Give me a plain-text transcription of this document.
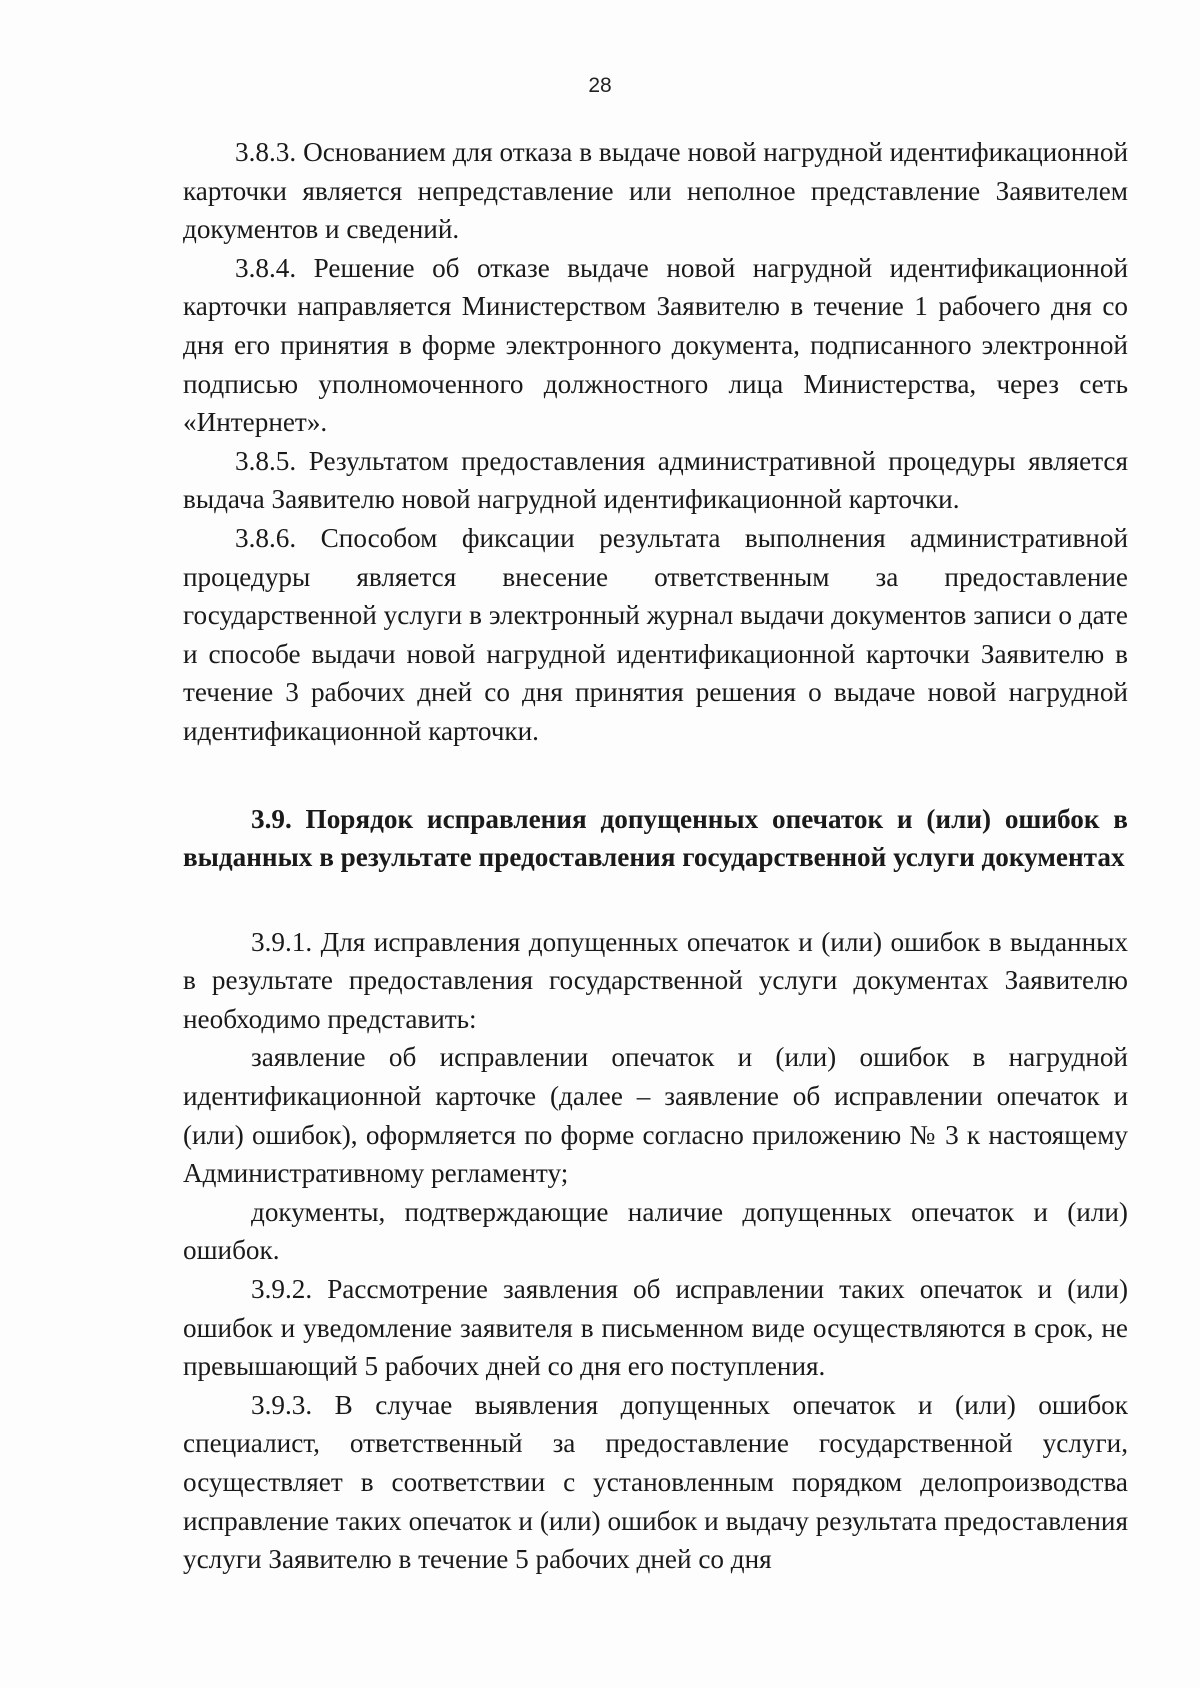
28

3.8.3. Основанием для отказа в выдаче новой нагрудной идентификационной карточки является непредставление или неполное представление Заявителем документов и сведений.

3.8.4. Решение об отказе выдаче новой нагрудной идентификационной карточки направляется Министерством Заявителю в течение 1 рабочего дня со дня его принятия в форме электронного документа, подписанного электронной подписью уполномоченного должностного лица Министерства, через сеть «Интернет».

3.8.5. Результатом предоставления административной процедуры является выдача Заявителю новой нагрудной идентификационной карточки.

3.8.6. Способом фиксации результата выполнения административной процедуры является внесение ответственным за предоставление государственной услуги в электронный журнал выдачи документов записи о дате и способе выдачи новой нагрудной идентификационной карточки Заявителю в течение 3 рабочих дней со дня принятия решения о выдаче новой нагрудной идентификационной карточки.

3.9. Порядок исправления допущенных опечаток и (или) ошибок в выданных в результате предоставления государственной услуги документах

3.9.1. Для исправления допущенных опечаток и (или) ошибок в выданных в результате предоставления государственной услуги документах Заявителю необходимо представить:

заявление об исправлении опечаток и (или) ошибок в нагрудной идентификационной карточке (далее – заявление об исправлении опечаток и (или) ошибок), оформляется по форме согласно приложению № 3 к настоящему Административному регламенту;

документы, подтверждающие наличие допущенных опечаток и (или) ошибок.

3.9.2. Рассмотрение заявления об исправлении таких опечаток и (или) ошибок и уведомление заявителя в письменном виде осуществляются в срок, не превышающий 5 рабочих дней со дня его поступления.

3.9.3. В случае выявления допущенных опечаток и (или) ошибок специалист, ответственный за предоставление государственной услуги, осуществляет в соответствии с установленным порядком делопроизводства исправление таких опечаток и (или) ошибок и выдачу результата предоставления услуги Заявителю в течение 5 рабочих дней со дня
